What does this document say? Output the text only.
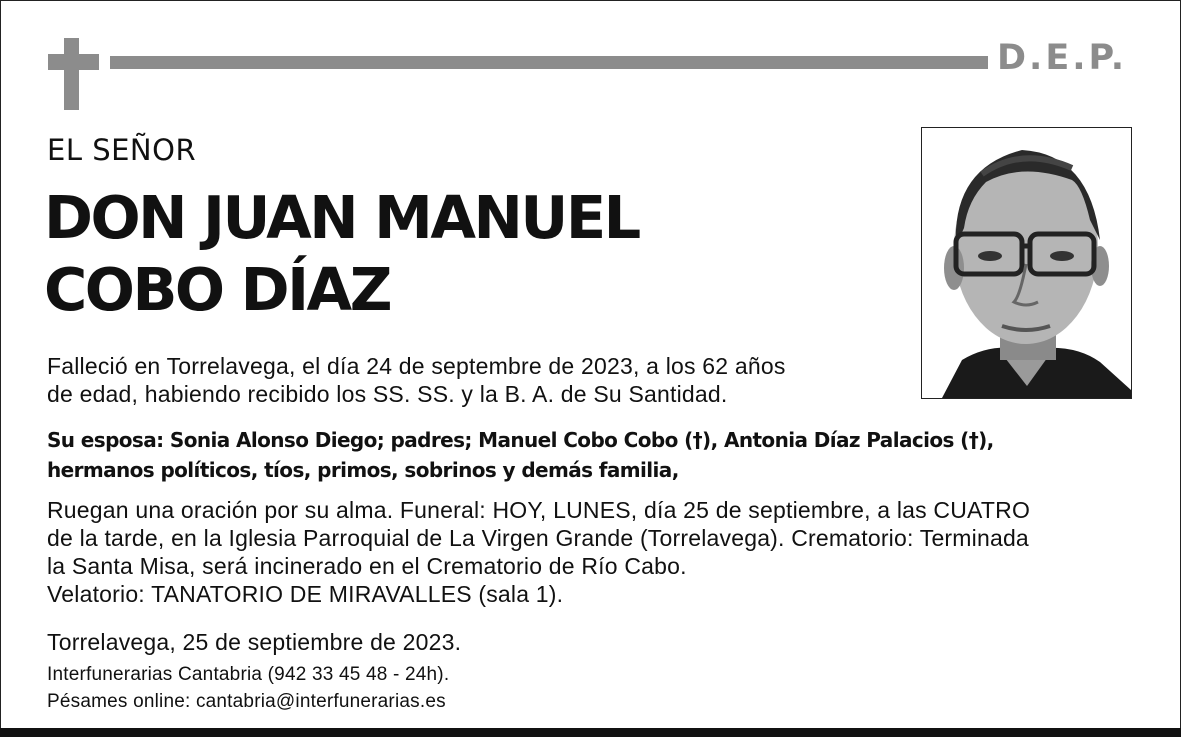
D.E.P.
EL SEÑOR
DON JUAN MANUEL
COBO DÍAZ
Falleció en Torrelavega, el día 24 de septembre de 2023, a los 62 años
de edad, habiendo recibido los SS. SS. y la B. A. de Su Santidad.
Su esposa: Sonia Alonso Diego; padres; Manuel Cobo Cobo (†), Antonia Díaz Palacios (†),
hermanos políticos, tíos, primos, sobrinos y demás familia,
Ruegan una oración por su alma. Funeral: HOY, LUNES, día 25 de septiembre, a las CUATRO
de la tarde, en la Iglesia Parroquial de La Virgen Grande (Torrelavega). Crematorio: Terminada
la Santa Misa, será incinerado en el Crematorio de Río Cabo.
Velatorio: TANATORIO DE MIRAVALLES (sala 1).
Torrelavega, 25 de septiembre de 2023.
Interfunerarias Cantabria (942 33 45 48 - 24h).
Pésames online: cantabria@interfunerarias.es
